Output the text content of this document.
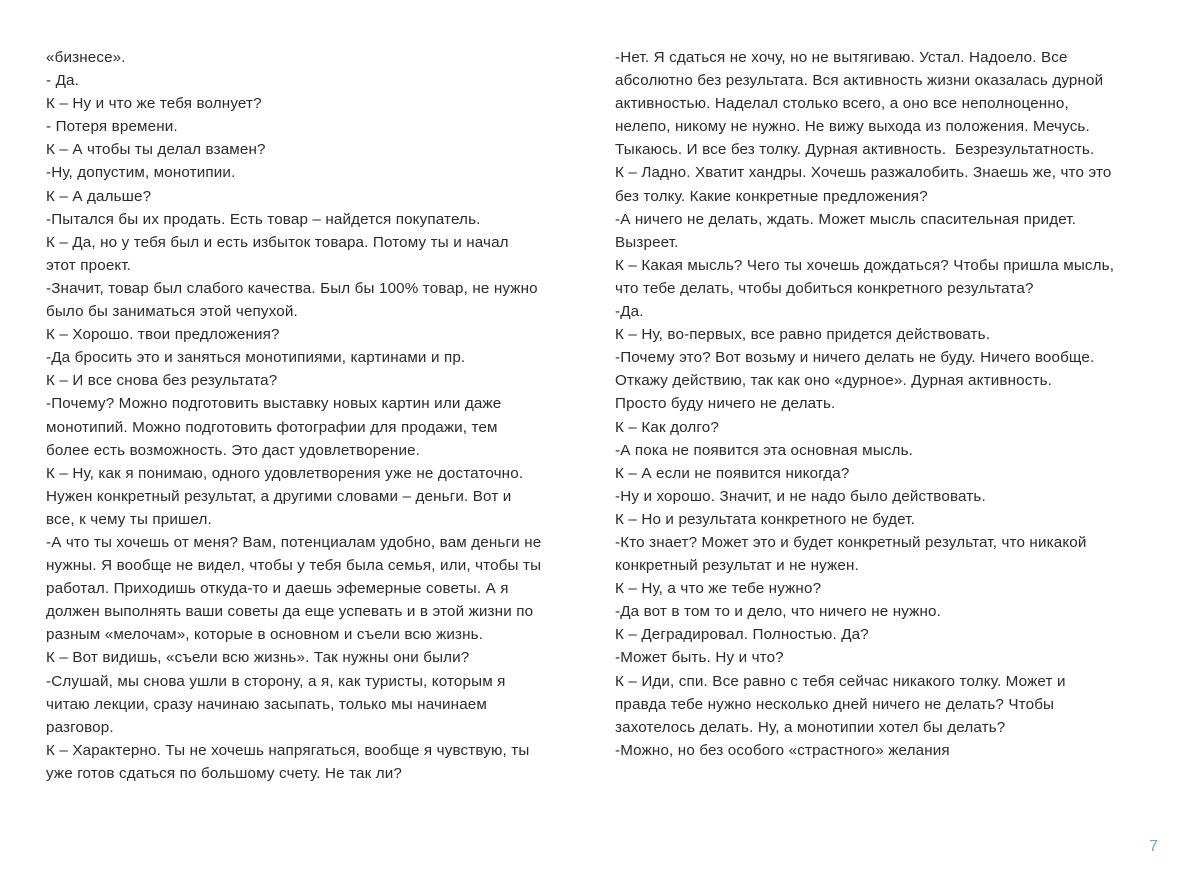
«бизнесе».
- Да.
К – Ну и что же тебя волнует?
- Потеря времени.
К – А чтобы ты делал взамен?
-Ну, допустим, монотипии.
К – А дальше?
-Пытался бы их продать. Есть товар – найдется покупатель.
К – Да, но у тебя был и есть избыток товара. Потому ты и начал
этот проект.
-Значит, товар был слабого качества. Был бы 100% товар, не нужно
было бы заниматься этой чепухой.
К – Хорошо. твои предложения?
-Да бросить это и заняться монотипиями, картинами и пр.
К – И все снова без результата?
-Почему? Можно подготовить выставку новых картин или даже
монотипий. Можно подготовить фотографии для продажи, тем
более есть возможность. Это даст удовлетворение.
К – Ну, как я понимаю, одного удовлетворения уже не достаточно.
Нужен конкретный результат, а другими словами – деньги. Вот и
все, к чему ты пришел.
-А что ты хочешь от меня? Вам, потенциалам удобно, вам деньги не
нужны. Я вообще не видел, чтобы у тебя была семья, или, чтобы ты
работал. Приходишь откуда-то и даешь эфемерные советы. А я
должен выполнять ваши советы да еще успевать и в этой жизни по
разным «мелочам», которые в основном и съели всю жизнь.
К – Вот видишь, «съели всю жизнь». Так нужны они были?
-Слушай, мы снова ушли в сторону, а я, как туристы, которым я
читаю лекции, сразу начинаю засыпать, только мы начинаем
разговор.
К – Характерно. Ты не хочешь напрягаться, вообще я чувствую, ты
уже готов сдаться по большому счету. Не так ли?
-Нет. Я сдаться не хочу, но не вытягиваю. Устал. Надоело. Все
абсолютно без результата. Вся активность жизни оказалась дурной
активностью. Наделал столько всего, а оно все неполноценно,
нелепо, никому не нужно. Не вижу выхода из положения. Мечусь.
Тыкаюсь. И все без толку. Дурная активность.  Безрезультатность.
К – Ладно. Хватит хандры. Хочешь разжалобить. Знаешь же, что это
без толку. Какие конкретные предложения?
-А ничего не делать, ждать. Может мысль спасительная придет.
Вызреет.
К – Какая мысль? Чего ты хочешь дождаться? Чтобы пришла мысль,
что тебе делать, чтобы добиться конкретного результата?
-Да.
К – Ну, во-первых, все равно придется действовать.
-Почему это? Вот возьму и ничего делать не буду. Ничего вообще.
Откажу действию, так как оно «дурное». Дурная активность.
Просто буду ничего не делать.
К – Как долго?
-А пока не появится эта основная мысль.
К – А если не появится никогда?
-Ну и хорошо. Значит, и не надо было действовать.
К – Но и результата конкретного не будет.
-Кто знает? Может это и будет конкретный результат, что никакой
конкретный результат и не нужен.
К – Ну, а что же тебе нужно?
-Да вот в том то и дело, что ничего не нужно.
К – Деградировал. Полностью. Да?
-Может быть. Ну и что?
К – Иди, спи. Все равно с тебя сейчас никакого толку. Может и
правда тебе нужно несколько дней ничего не делать? Чтобы
захотелось делать. Ну, а монотипии хотел бы делать?
-Можно, но без особого «страстного» желания
7
